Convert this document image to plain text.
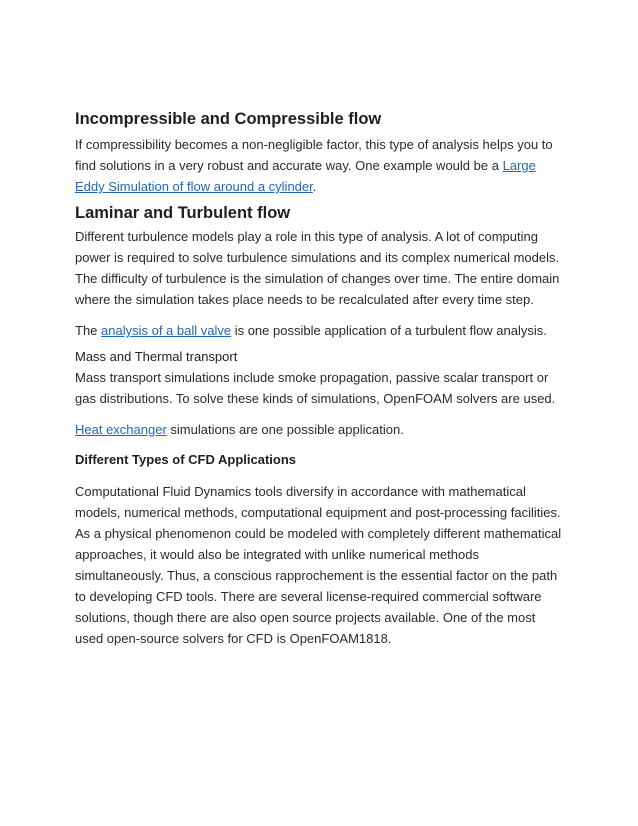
Incompressible and Compressible flow

If compressibility becomes a non-negligible factor, this type of analysis helps you to find solutions in a very robust and accurate way. One example would be a Large Eddy Simulation of flow around a cylinder.

Laminar and Turbulent flow

Different turbulence models play a role in this type of analysis. A lot of computing power is required to solve turbulence simulations and its complex numerical models. The difficulty of turbulence is the simulation of changes over time. The entire domain where the simulation takes place needs to be recalculated after every time step.

The analysis of a ball valve is one possible application of a turbulent flow analysis.

Mass and Thermal transport

Mass transport simulations include smoke propagation, passive scalar transport or gas distributions. To solve these kinds of simulations, OpenFOAM solvers are used.

Heat exchanger simulations are one possible application.

Different Types of CFD Applications

Computational Fluid Dynamics tools diversify in accordance with mathematical models, numerical methods, computational equipment and post-processing facilities. As a physical phenomenon could be modeled with completely different mathematical approaches, it would also be integrated with unlike numerical methods simultaneously. Thus, a conscious rapprochement is the essential factor on the path to developing CFD tools. There are several license-required commercial software solutions, though there are also open source projects available. One of the most used open-source solvers for CFD is OpenFOAM1818.
